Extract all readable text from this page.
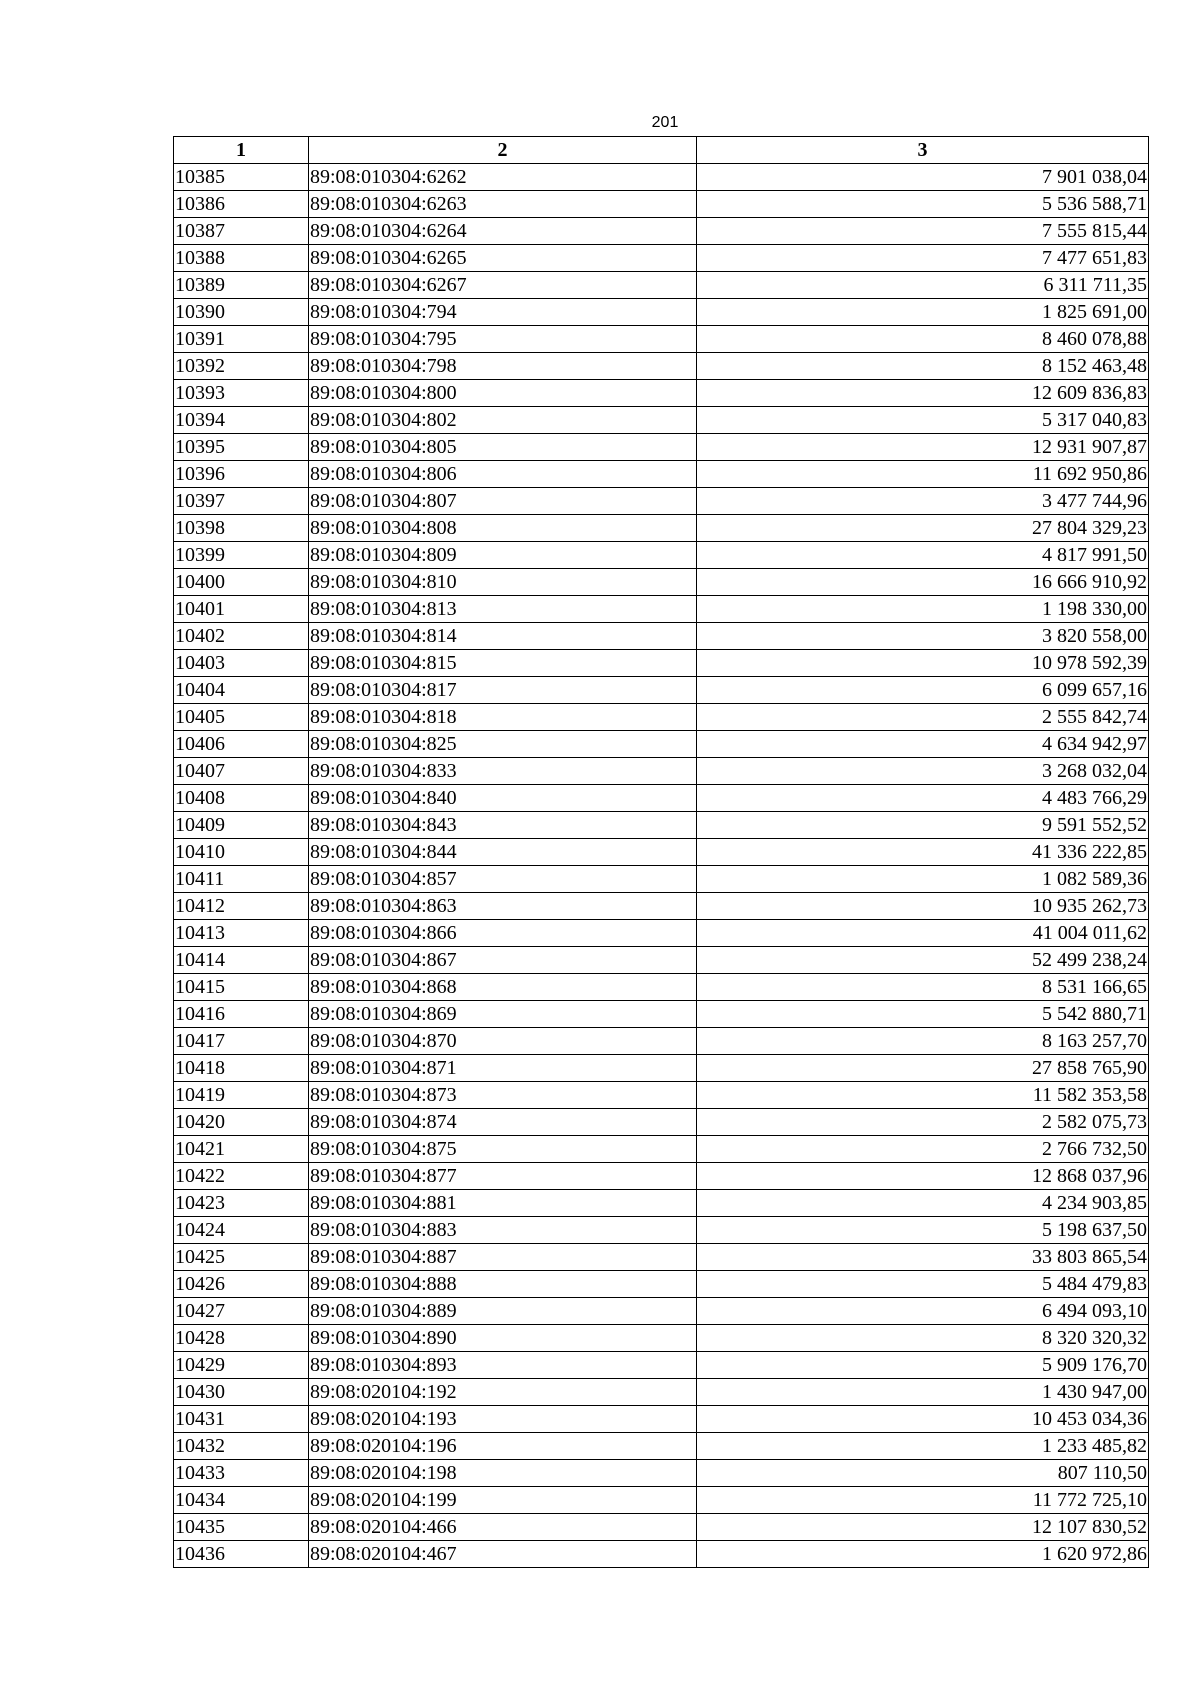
201
1	2	3
10385	89:08:010304:6262	7 901 038,04
10386	89:08:010304:6263	5 536 588,71
10387	89:08:010304:6264	7 555 815,44
10388	89:08:010304:6265	7 477 651,83
10389	89:08:010304:6267	6 311 711,35
10390	89:08:010304:794	1 825 691,00
10391	89:08:010304:795	8 460 078,88
10392	89:08:010304:798	8 152 463,48
10393	89:08:010304:800	12 609 836,83
10394	89:08:010304:802	5 317 040,83
10395	89:08:010304:805	12 931 907,87
10396	89:08:010304:806	11 692 950,86
10397	89:08:010304:807	3 477 744,96
10398	89:08:010304:808	27 804 329,23
10399	89:08:010304:809	4 817 991,50
10400	89:08:010304:810	16 666 910,92
10401	89:08:010304:813	1 198 330,00
10402	89:08:010304:814	3 820 558,00
10403	89:08:010304:815	10 978 592,39
10404	89:08:010304:817	6 099 657,16
10405	89:08:010304:818	2 555 842,74
10406	89:08:010304:825	4 634 942,97
10407	89:08:010304:833	3 268 032,04
10408	89:08:010304:840	4 483 766,29
10409	89:08:010304:843	9 591 552,52
10410	89:08:010304:844	41 336 222,85
10411	89:08:010304:857	1 082 589,36
10412	89:08:010304:863	10 935 262,73
10413	89:08:010304:866	41 004 011,62
10414	89:08:010304:867	52 499 238,24
10415	89:08:010304:868	8 531 166,65
10416	89:08:010304:869	5 542 880,71
10417	89:08:010304:870	8 163 257,70
10418	89:08:010304:871	27 858 765,90
10419	89:08:010304:873	11 582 353,58
10420	89:08:010304:874	2 582 075,73
10421	89:08:010304:875	2 766 732,50
10422	89:08:010304:877	12 868 037,96
10423	89:08:010304:881	4 234 903,85
10424	89:08:010304:883	5 198 637,50
10425	89:08:010304:887	33 803 865,54
10426	89:08:010304:888	5 484 479,83
10427	89:08:010304:889	6 494 093,10
10428	89:08:010304:890	8 320 320,32
10429	89:08:010304:893	5 909 176,70
10430	89:08:020104:192	1 430 947,00
10431	89:08:020104:193	10 453 034,36
10432	89:08:020104:196	1 233 485,82
10433	89:08:020104:198	807 110,50
10434	89:08:020104:199	11 772 725,10
10435	89:08:020104:466	12 107 830,52
10436	89:08:020104:467	1 620 972,86
